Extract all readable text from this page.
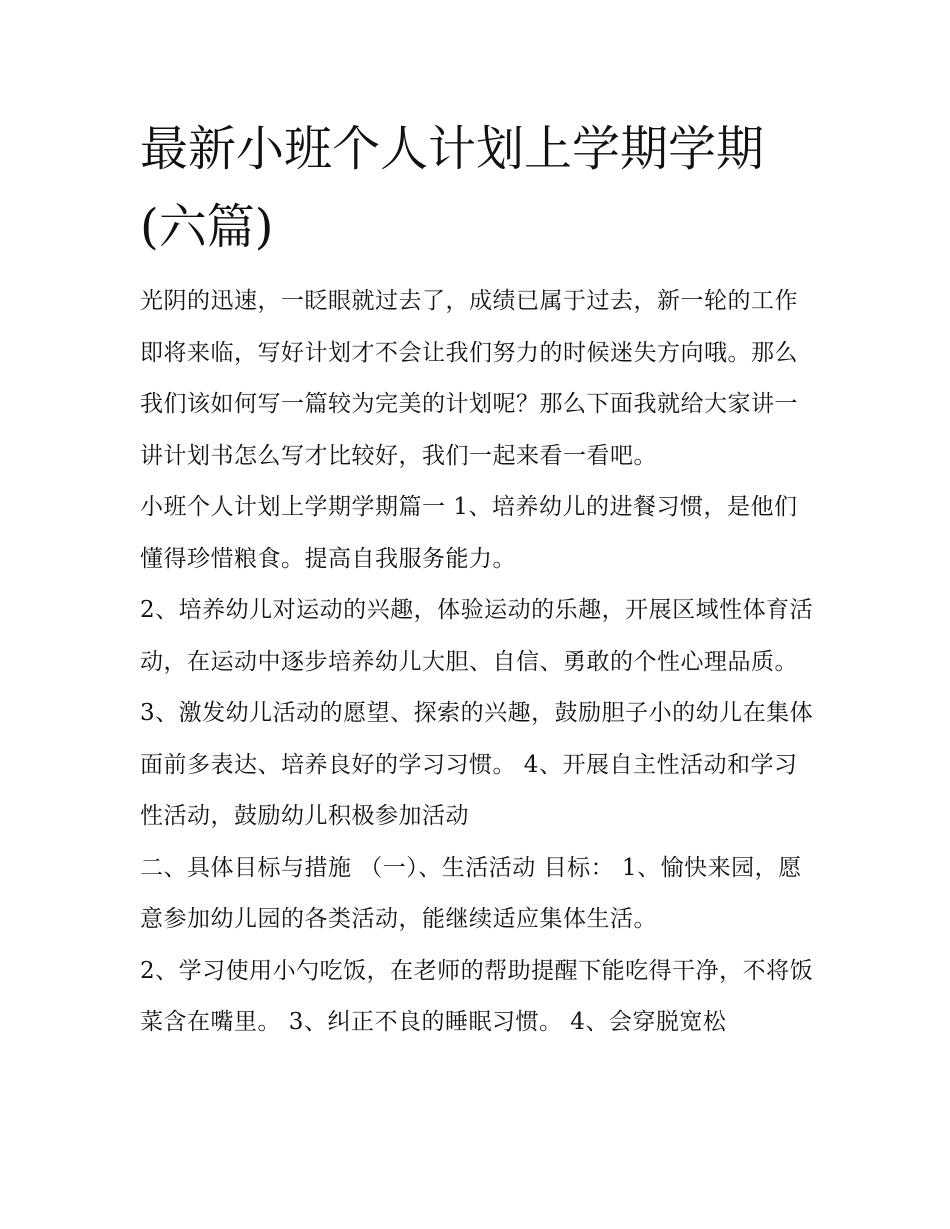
最新小班个人计划上学期学期(六篇)

光阴的迅速，一眨眼就过去了，成绩已属于过去，新一轮的工作即将来临，写好计划才不会让我们努力的时候迷失方向哦。那么我们该如何写一篇较为完美的计划呢？那么下面我就给大家讲一讲计划书怎么写才比较好，我们一起来看一看吧。

小班个人计划上学期学期篇一 1、培养幼儿的进餐习惯，是他们懂得珍惜粮食。提高自我服务能力。

2、培养幼儿对运动的兴趣，体验运动的乐趣，开展区域性体育活动，在运动中逐步培养幼儿大胆、自信、勇敢的个性心理品质。

3、激发幼儿活动的愿望、探索的兴趣，鼓励胆子小的幼儿在集体面前多表达、培养良好的学习习惯。 4、开展自主性活动和学习性活动，鼓励幼儿积极参加活动

二、具体目标与措施 （一）、生活活动 目标： 1、愉快来园，愿意参加幼儿园的各类活动，能继续适应集体生活。

2、学习使用小勺吃饭，在老师的帮助提醒下能吃得干净，不将饭菜含在嘴里。 3、纠正不良的睡眠习惯。 4、会穿脱宽松
